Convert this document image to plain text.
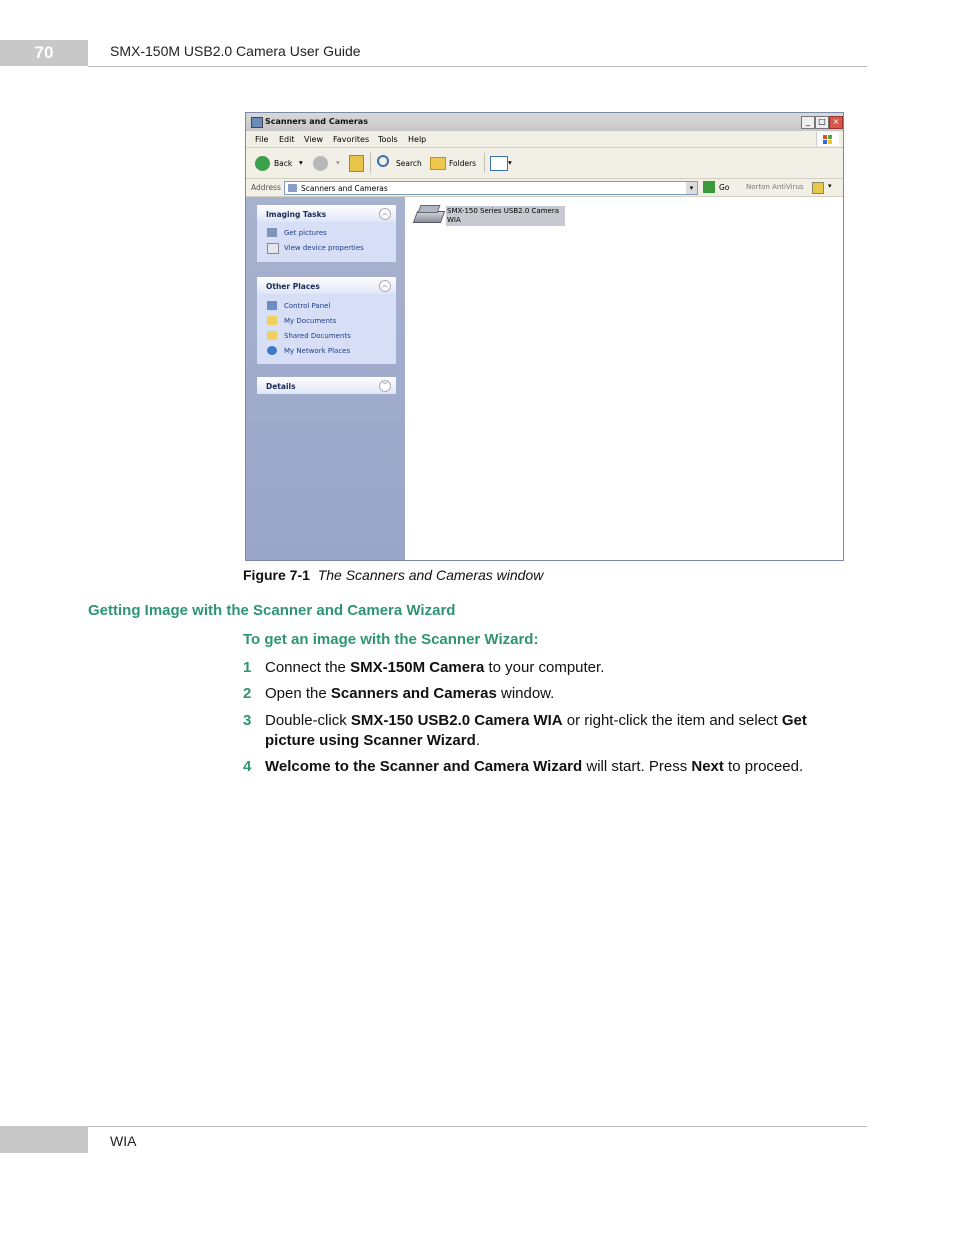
70	SMX-150M USB2.0 Camera User Guide
Scanners and Cameras	_	□ ×
File Edit View Favorites Tools Help
Back ▾	▾	Search	Folders	▾
Address	Scanners and Cameras	▾	Go Norton AntiVirus	▾
Imaging Tasks	︽
Get pictures
View device properties
Other Places	︽
Control Panel
My Documents
Shared Documents
My Network Places
Details	︾
SMX-150 Series USB2.0 Camera WIA
Figure 7-1 The Scanners and Cameras window
Getting Image with the Scanner and Camera Wizard
To get an image with the Scanner Wizard:
1 Connect the SMX-150M Camera to your computer.
2 Open the Scanners and Cameras window.
3 Double-click SMX-150 USB2.0 Camera WIA or right-click the item and select Get picture using Scanner Wizard.
4 Welcome to the Scanner and Camera Wizard will start. Press Next to proceed.
WIA
